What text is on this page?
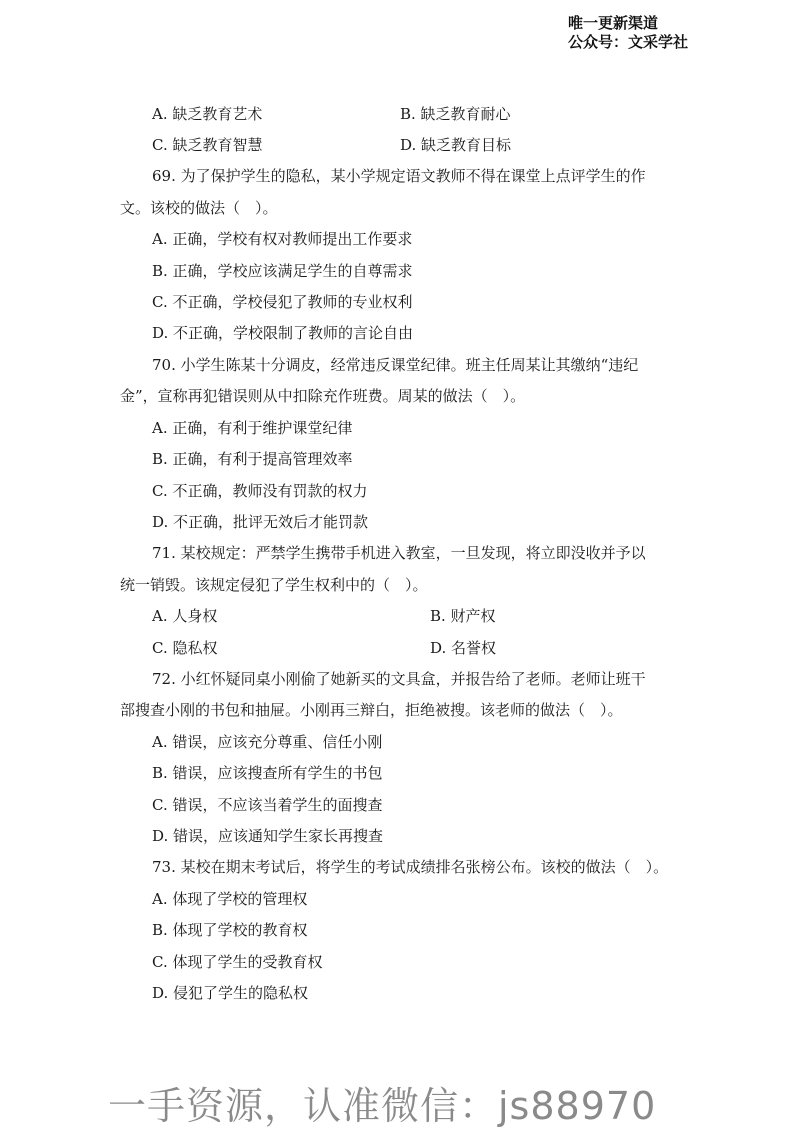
唯一更新渠道
公众号：文采学社
A. 缺乏教育艺术	B. 缺乏教育耐心
C. 缺乏教育智慧	D. 缺乏教育目标
69. 为了保护学生的隐私，某小学规定语文教师不得在课堂上点评学生的作
文。该校的做法（　）。
A. 正确，学校有权对教师提出工作要求
B. 正确，学校应该满足学生的自尊需求
C. 不正确，学校侵犯了教师的专业权利
D. 不正确，学校限制了教师的言论自由
70. 小学生陈某十分调皮，经常违反课堂纪律。班主任周某让其缴纳“违纪
金”，宣称再犯错误则从中扣除充作班费。周某的做法（　）。
A. 正确，有利于维护课堂纪律
B. 正确，有利于提高管理效率
C. 不正确，教师没有罚款的权力
D. 不正确，批评无效后才能罚款
71. 某校规定：严禁学生携带手机进入教室，一旦发现，将立即没收并予以
统一销毁。该规定侵犯了学生权利中的（　）。
A. 人身权	B. 财产权
C. 隐私权	D. 名誉权
72. 小红怀疑同桌小刚偷了她新买的文具盒，并报告给了老师。老师让班干
部搜查小刚的书包和抽屉。小刚再三辩白，拒绝被搜。该老师的做法（　）。
A. 错误，应该充分尊重、信任小刚
B. 错误，应该搜查所有学生的书包
C. 错误，不应该当着学生的面搜查
D. 错误，应该通知学生家长再搜查
73. 某校在期末考试后，将学生的考试成绩排名张榜公布。该校的做法（　）。
A. 体现了学校的管理权
B. 体现了学校的教育权
C. 体现了学生的受教育权
D. 侵犯了学生的隐私权
一手资源，认准微信：js88970
